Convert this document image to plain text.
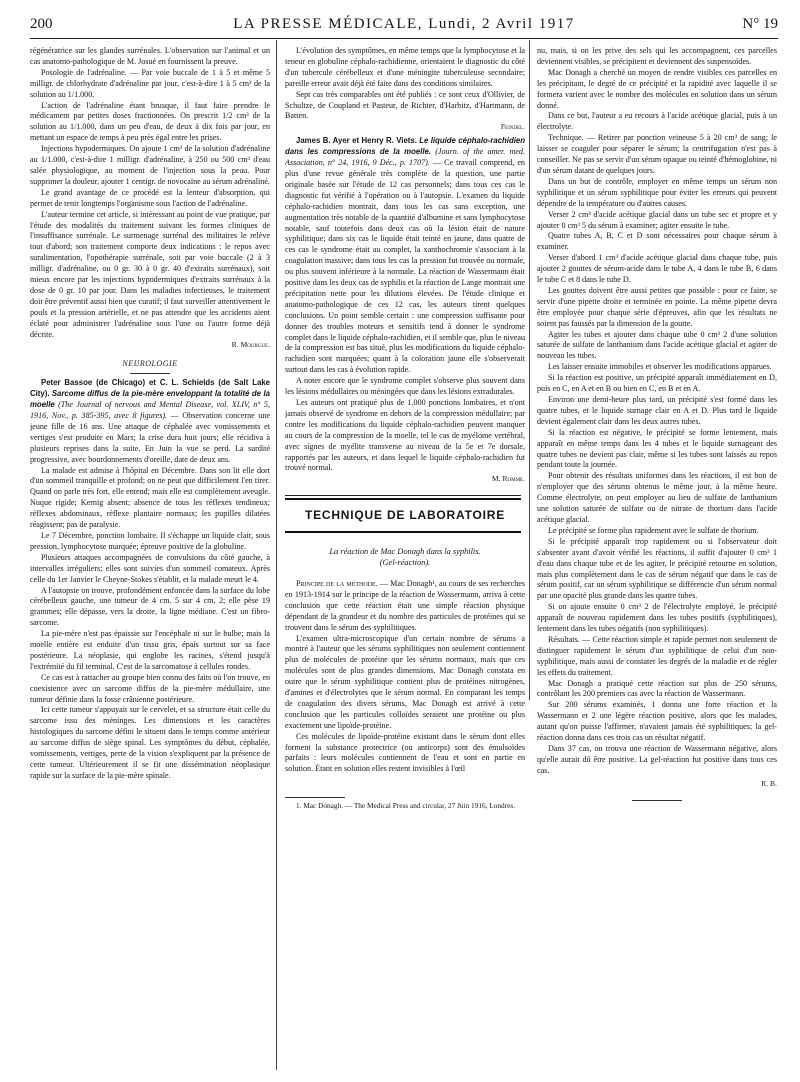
200	LA PRESSE MÉDICALE, Lundi, 2 Avril 1917	N° 19

régénératrice sur les glandes surrénales. L'observation sur l'animal et un cas anatomo-pathologique de M. Josué en fournissent la preuve.

Posologie de l'adrénaline. — Par voie buccale de 1 à 5 et même 5 milligr. de chlorhydrate d'adrénaline par jour, c'est-à-dire 1 à 5 cm³ de la solution au 1/1.000.

L'action de l'adrénaline étant brusque, il faut faire prendre le médicament par petites doses fractionnées. On prescrit 1/2 cm³ de la solution au 1/1.000, dans un peu d'eau, de deux à dix fois par jour, en mettant un espace de temps à peu près égal entre les prises.

Injections hypodermiques. On ajoute 1 cm³ de la solution d'adrénaline au 1/1.000, c'est-à-dire 1 milligr. d'adrénaline, à 250 ou 500 cm³ d'eau salée physiologique, au moment de l'injection sous la peau. Pour supprimer la douleur, ajouter 1 centigr. de novocaïne au sérum adrénaliné.

Le grand avantage de ce procédé est la lenteur d'absorption, qui permet de tenir longtemps l'organisme sous l'action de l'adrénaline.

L'auteur termine cet article, si intéressant au point de vue pratique, par l'étude des modalités du traitement suivant les formes cliniques de l'insuffisance surrénale. Le surmenage surrénal des militaires le relève tout d'abord; son traitement comporte deux indications : le repos avec suralimentation, l'opothérapie surrénale, soit par voie buccale (2 à 3 milligr. d'adrénaline, ou 0 gr. 30 à 0 gr. 40 d'extraits surrénaux), soit mieux encore par les injections hypodermiques d'extraits surrénaux à la dose de 0 gr. 10 par jour. Dans les maladies infectieuses, le traitement doit être préventif aussi bien que curatif; il faut surveiller attentivement le pouls et la pression artérielle, et ne pas attendre que les accidents aient éclaté pour administrer l'adrénaline sous l'une ou l'autre forme déjà décrite.

R. Mourgue.
NEUROLOGIE

Peter Bassoe (de Chicago) et C. L. Schields (de Salt Lake City). Sarcome diffus de la pie-mère enveloppant la totalité de la moelle (The Journal of nervous and Mental Disease, vol. XLIV, n° 5, 1916, Nov., p. 385-395, avec 8 figures). — Observation concerne une jeune fille de 16 ans. Une attaque de céphalée avec vomissements et vertiges s'est produite en Mars; la crise dura huit jours; elle récidiva à plusieurs reprises dans la suite. En Juin la vue se perd. La surdité progressive, avec bourdonnements d'oreille, date de deux ans.

La malade est admise à l'hôpital en Décembre. Dans son lit elle dort d'un sommeil tranquille et profond; on ne peut que difficilement l'en tirer. Quand on parle très fort, elle entend; mais elle est complètement aveugle. Nuque rigide; Kernig absent; absence de tous les réflexes tendineux; réflexes abdominaux, réflexe plantaire normaux; les pupilles dilatées réagissent; pas de paralysie.

Le 7 Décembre, ponction lombaire. Il s'échappe un liquide clair, sous pression, lymphocytose marquée; épreuve positive de la globuline.

Plusieurs attaques accompagnées de convulsions du côté gauche, à intervalles irréguliers; elles sont suivies d'un sommeil comateux. Après celle du 1er Janvier le Cheyne-Stokes s'établit, et la malade meurt le 4.

A l'autopsie on trouve, profondément enfoncée dans la surface du lobe cérébelleux gauche, une tumeur de 4 cm. 5 sur 4 cm, 2; elle pèse 19 grammes; elle dépasse, vers la droite, la ligne médiane. C'est un fibro-sarcome.

La pie-mère n'est pas épaissie sur l'encéphale ni sur le bulbe; mais la moelle entière est enduite d'un tissu gris, épais surtout sur sa face postérieure. La néoplasie, qui englobe les racines, s'étend jusqu'à l'extrémité du fil terminal. C'est de la sarcomatose à cellules rondes.

Ce cas est à rattacher au groupe bien connu des faits où l'on trouve, en coexistence avec un sarcome diffus de la pie-mère médullaire, une tumeur définie dans la fosse crânienne postérieure.

Ici cette tumeur s'appuyait sur le cervelet, et sa structure était celle du sarcome issu des méninges. Les dimensions et les caractères histologiques du sarcome défini le situent dans le temps comme antérieur au sarcome diffus de siège spinal. Les symptômes du début, céphalée, vomissements, vertiges, perte de la vision s'expliquent par la présence de cette tumeur. Ultérieurement il se fit une dissémination néoplasique rapide sur la surface de la pie-mère spinale.

L'évolution des symptômes, en même temps que la lymphocytose et la teneur en globuline céphalo-rachidienne, orientaient le diagnostic du côté d'un tubercule cérébelleux et d'une méningite tuberculeuse secondaire; pareille erreur avait déjà été faite dans des conditions similaires.

Sept cas très comparables ont été publiés : ce sont ceux d'Ollivier, de Schultze, de Coupland et Pasteur, de Richter, d'Harbitz, d'Hartmann, de Batten.

Feindel.

James B. Ayer et Henry R. Viets. Le liquide céphalo-rachidien dans les compressions de la moelle. (Journ. of the amer. med. Association, n° 24, 1916, 9 Déc., p. 1707). — Ce travail comprend, en plus d'une revue générale très complète de la question, une partie originale basée sur l'étude de 12 cas personnels; dans tous ces cas le diagnostic fut vérifié à l'opération ou à l'autopsie. L'examen du liquide céphalo-rachidien montrait, dans tous les cas sans exception, une augmentation très notable de la quantité d'albumine et sans lymphocytose notable, sauf toutefois dans deux cas où la lésion était de nature syphilitique; dans six cas le liquide était teinté en jaune, dans quatre de ces cas le syndrome était au complet, la xanthochromie s'associant à la coagulation massive; dans tous les cas la pression fut trouvée ou normale, ou plus souvent inférieure à la normale. La réaction de Wassermann était positive dans les deux cas de syphilis et la réaction de Lange montrait une précipitation nette pour les dilutions élevées. De l'étude clinique et anatomo-pathologique de ces 12 cas, les auteurs tirent quelques conclusions. Un point semble certain : une compression suffisante pour donner des troubles moteurs et sensitifs tend à donner le syndrome complet dans le liquide céphalo-rachidien, et il semble que, plus le niveau de la compression est bas situé, plus les modifications du liquide céphalo-rachidien sont marquées; quant à la coloration jaune elle s'observerait surtout dans les cas à évolution rapide.

A noter encore que le syndrome complet s'observe plus souvent dans les lésions médullaires ou méningées que dans les lésions extradurales.

Les auteurs ont pratiqué plus de 1.000 ponctions lombaires, et n'ont jamais observé de syndrome en dehors de la compression médullaire; par contre les modifications du liquide céphalo-rachidien peuvent manquer au cours de la compression de la moelle, tel le cas de myélome vertébral, avec signes de myélite transverse au niveau de la 5e et 7e dorsale, rapportés par les auteurs, et dans lequel le liquide céphalo-rachidien fut trouvé normal.

M. Romme.
TECHNIQUE DE LABORATOIRE
La réaction de Mac Donagh dans la syphilis.
(Gel-réaction).

Principe de la méthode. — Mac Donagh¹, au cours de ses recherches en 1913-1914 sur le principe de la réaction de Wassermann, arriva à cette conclusion que cette réaction était une simple réaction physique dépendant de la grandeur et du nombre des particules de protéines qui se trouvent dans le sérum des syphilitiques.

L'examen ultra-microscopique d'un certain nombre de sérums a montré à l'auteur que les sérums syphilitiques non seulement contiennent plus de molécules de protéine que les sérums normaux, mais que ces molécules sont de plus grandes dimensions. Mac Donagh constata en outre que le sérum syphilitique contient plus de protéines nitrogènes, d'amines et d'électrolytes que le sérum normal. En comparant les temps de coagulation des divers sérums, Mac Donagh est arrivé à cette conclusion que les particules colloïdes seraient une protéine ou plus exactement une lipoïde-protéine.

Ces molécules de lipoïde-protéine existant dans le sérum dont elles forment la substance protectrice (ou anticorps) sont des émulsoïdes parfaits : leurs molécules contiennent de l'eau et sont en partie en solution. Étant en solution elles restent invisibles à l'œil

1. Mac Donagh. — The Medical Press and circular, 27 Juin 1916, Londres.

nu, mais, si on les prive des sels qui les accompagnent, ces parcelles deviennent visibles, se précipitent et deviennent des suspensoïdes.

Mac Donagh a cherché un moyen de rendre visibles ces parcelles en les précipitant, le degré de ce précipité et la rapidité avec laquelle il se formera varient avec le nombre des molécules en solution dans un sérum donné.

Dans ce but, l'auteur a eu recours à l'acide acétique glacial, puis à un électrolyte.

Technique. — Retirer par ponction veineuse 5 à 20 cm³ de sang; le laisser se coaguler pour séparer le sérum; la centrifugation n'est pas à conseiller. Ne pas se servir d'un sérum opaque ou teinté d'hémoglobine, ni d'un sérum datant de quelques jours.

Dans un but de contrôle, employer en même temps un sérum non syphilitique et un sérum syphilitique pour éviter les erreurs qui peuvent dépendre de la température ou d'autres causes.

Verser 2 cm³ d'acide acétique glacial dans un tube sec et propre et y ajouter 0 cm³ 5 du sérum à examiner; agiter ensuite le tube.

Quatre tubes A, B, C et D sont nécessaires pour chaque sérum à examiner.

Verser d'abord 1 cm³ d'acide acétique glacial dans chaque tube, puis ajouter 2 gouttes de sérum-acide dans le tube A, 4 dans le tube B, 6 dans le tube C et 8 dans le tube D.

Les gouttes doivent être aussi petites que possible : pour ce faire, se servir d'une pipette droite et terminée en pointe. La même pipette devra être employée pour chaque série d'épreuves, afin que les résultats ne soient pas faussés par la dimension de la goutte.

Agiter les tubes et ajouter dans chaque tube 0 cm³ 2 d'une solution saturée de sulfate de lanthanium dans l'acide acétique glacial et agiter de nouveau les tubes.

Les laisser ensuite immobiles et observer les modifications apparues.

Si la réaction est positive, un précipité apparaît immédiatement en D, puis en C, en A et en B ou bien en C, en B et en A.

Environ une demi-heure plus tard, un précipité s'est formé dans les quatre tubes, et le liquide surnage clair en A et D. Plus tard le liquide devient également clair dans les deux autres tubes.

Si la réaction est négative, le précipité se forme lentement, mais apparaît en même temps dans les 4 tubes et le liquide surnageant des quatre tubes ne devient pas clair, même si les tubes sont laissés au repos pendant toute la journée.

Pour obtenir des résultats uniformes dans les réactions, il est bon de n'employer que des sérums obtenus le même jour, à la même heure. Comme électrolyte, on peut employer au lieu de sulfate de lanthanium une solution saturée de sulfate ou de nitrate de thorium dans l'acide acétique glacial.

Le précipité se forme plus rapidement avec le sulfate de thorium.

Si le précipité apparaît trop rapidement ou si l'observateur doit s'absenter avant d'avoir vérifié les réactions, il suffit d'ajouter 0 cm³ 1 d'eau dans chaque tube et de les agiter, le précipité retourne en solution, mais plus complètement dans le cas de sérum négatif que dans le cas de sérum positif, car un sérum syphilitique se différencie d'un sérum normal par une opacité plus grande dans les quatre tubes.

Si on ajoute ensuite 0 cm³ 2 de l'électrolyte employé, le précipité apparaît de nouveau rapidement dans les tubes positifs (syphilitiques), lentement dans les tubes négatifs (non syphilitiques).

Résultats. — Cette réaction simple et rapide permet non seulement de distinguer rapidement le sérum d'un syphilitique de celui d'un non-syphilitique, mais aussi de constater les degrés de la maladie et de régler les effets du traitement.

Mac Donagh a pratiqué cette réaction sur plus de 250 sérums, contrôlant les 200 premiers cas avec la réaction de Wassermann.

Sur 200 sérums examinés, 1 donna une forte réaction et la Wassermann et 2 une légère réaction positive, alors que les malades, autant qu'on puisse l'affirmer, n'avaient jamais été syphilitiques; la gel-réaction donna dans ces trois cas un résultat négatif.

Dans 37 cas, on trouva une réaction de Wassermann négative, alors qu'elle aurait dû être positive. La gel-réaction fut positive dans tous ces cas.

R. B.
